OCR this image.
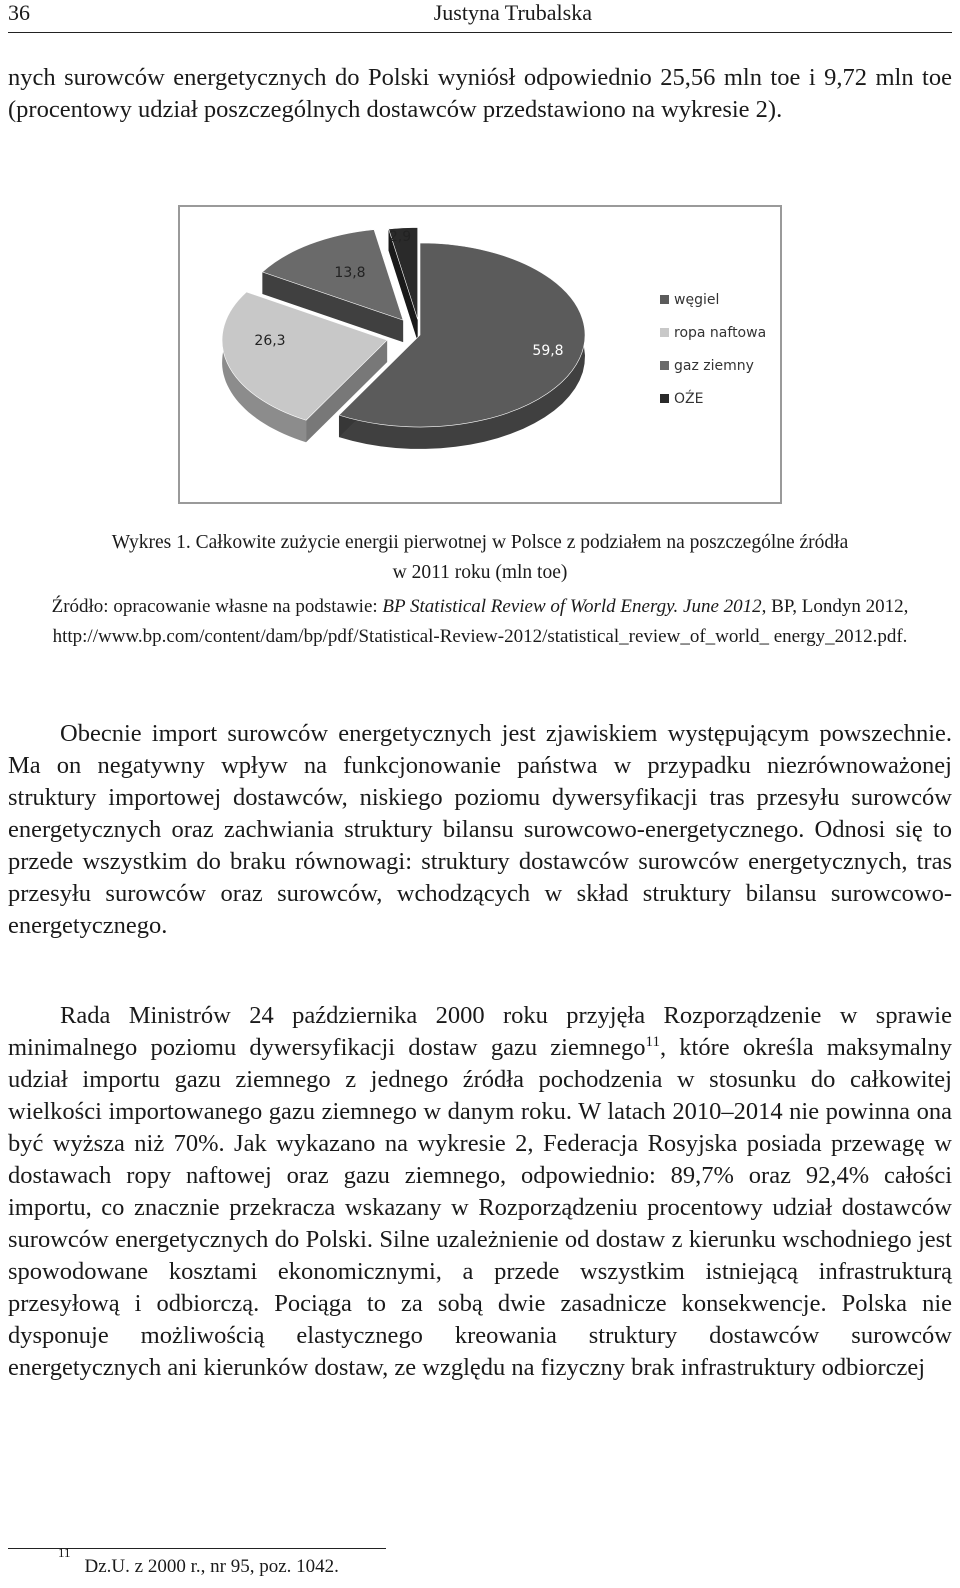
36	Justyna Trubalska
nych surowców energetycznych do Polski wyniósł odpowiednio 25,56 mln toe i 9,72 mln toe (procentowy udział poszczególnych dostawców przedstawiono na wykresie 2).
59,8
26,3
13,8
2,9
węgiel
ropa naftowa
gaz ziemny
OŹE
Wykres 1. Całkowite zużycie energii pierwotnej w Polsce z podziałem na poszczególne źródła
w 2011 roku (mln toe)
Źródło: opracowanie własne na podstawie: BP Statistical Review of World Energy. June 2012, BP, Londyn 2012, http://www.bp.com/content/dam/bp/pdf/Statistical-Review-2012/statistical_review_of_world_ energy_2012.pdf.
Obecnie import surowców energetycznych jest zjawiskiem występującym powszechnie. Ma on negatywny wpływ na funkcjonowanie państwa w przypadku niezrównoważonej struktury importowej dostawców, niskiego poziomu dywersyfikacji tras przesyłu surowców energetycznych oraz zachwiania struktury bilansu surowcowo-energetycznego. Odnosi się to przede wszystkim do braku równowagi: struktury dostawców surowców energetycznych, tras przesyłu surowców oraz surowców, wchodzących w skład struktury bilansu surowcowo-energetycznego.
Rada Ministrów 24 października 2000 roku przyjęła Rozporządzenie w sprawie minimalnego poziomu dywersyfikacji dostaw gazu ziemnego$^{11}$, które określa maksymalny udział importu gazu ziemnego z jednego źródła pochodzenia w stosunku do całkowitej wielkości importowanego gazu ziemnego w danym roku. W latach 2010–2014 nie powinna ona być wyższa niż 70%. Jak wykazano na wykresie 2, Federacja Rosyjska posiada przewagę w dostawach ropy naftowej oraz gazu ziemnego, odpowiednio: 89,7% oraz 92,4% całości importu, co znacznie przekracza wskazany w Rozporządzeniu procentowy udział dostawców surowców energetycznych do Polski. Silne uzależnienie od dostaw z kierunku wschodniego jest spowodowane kosztami ekonomicznymi, a przede wszystkim istniejącą infrastrukturą przesyłową i odbiorczą. Pociąga to za sobą dwie zasadnicze konsekwencje. Polska nie dysponuje możliwością elastycznego kreowania struktury dostawców surowców energetycznych ani kierunków dostaw, ze względu na fizyczny brak infrastruktury odbiorczej
$^{11}$Dz.U. z 2000 r., nr 95, poz. 1042.
